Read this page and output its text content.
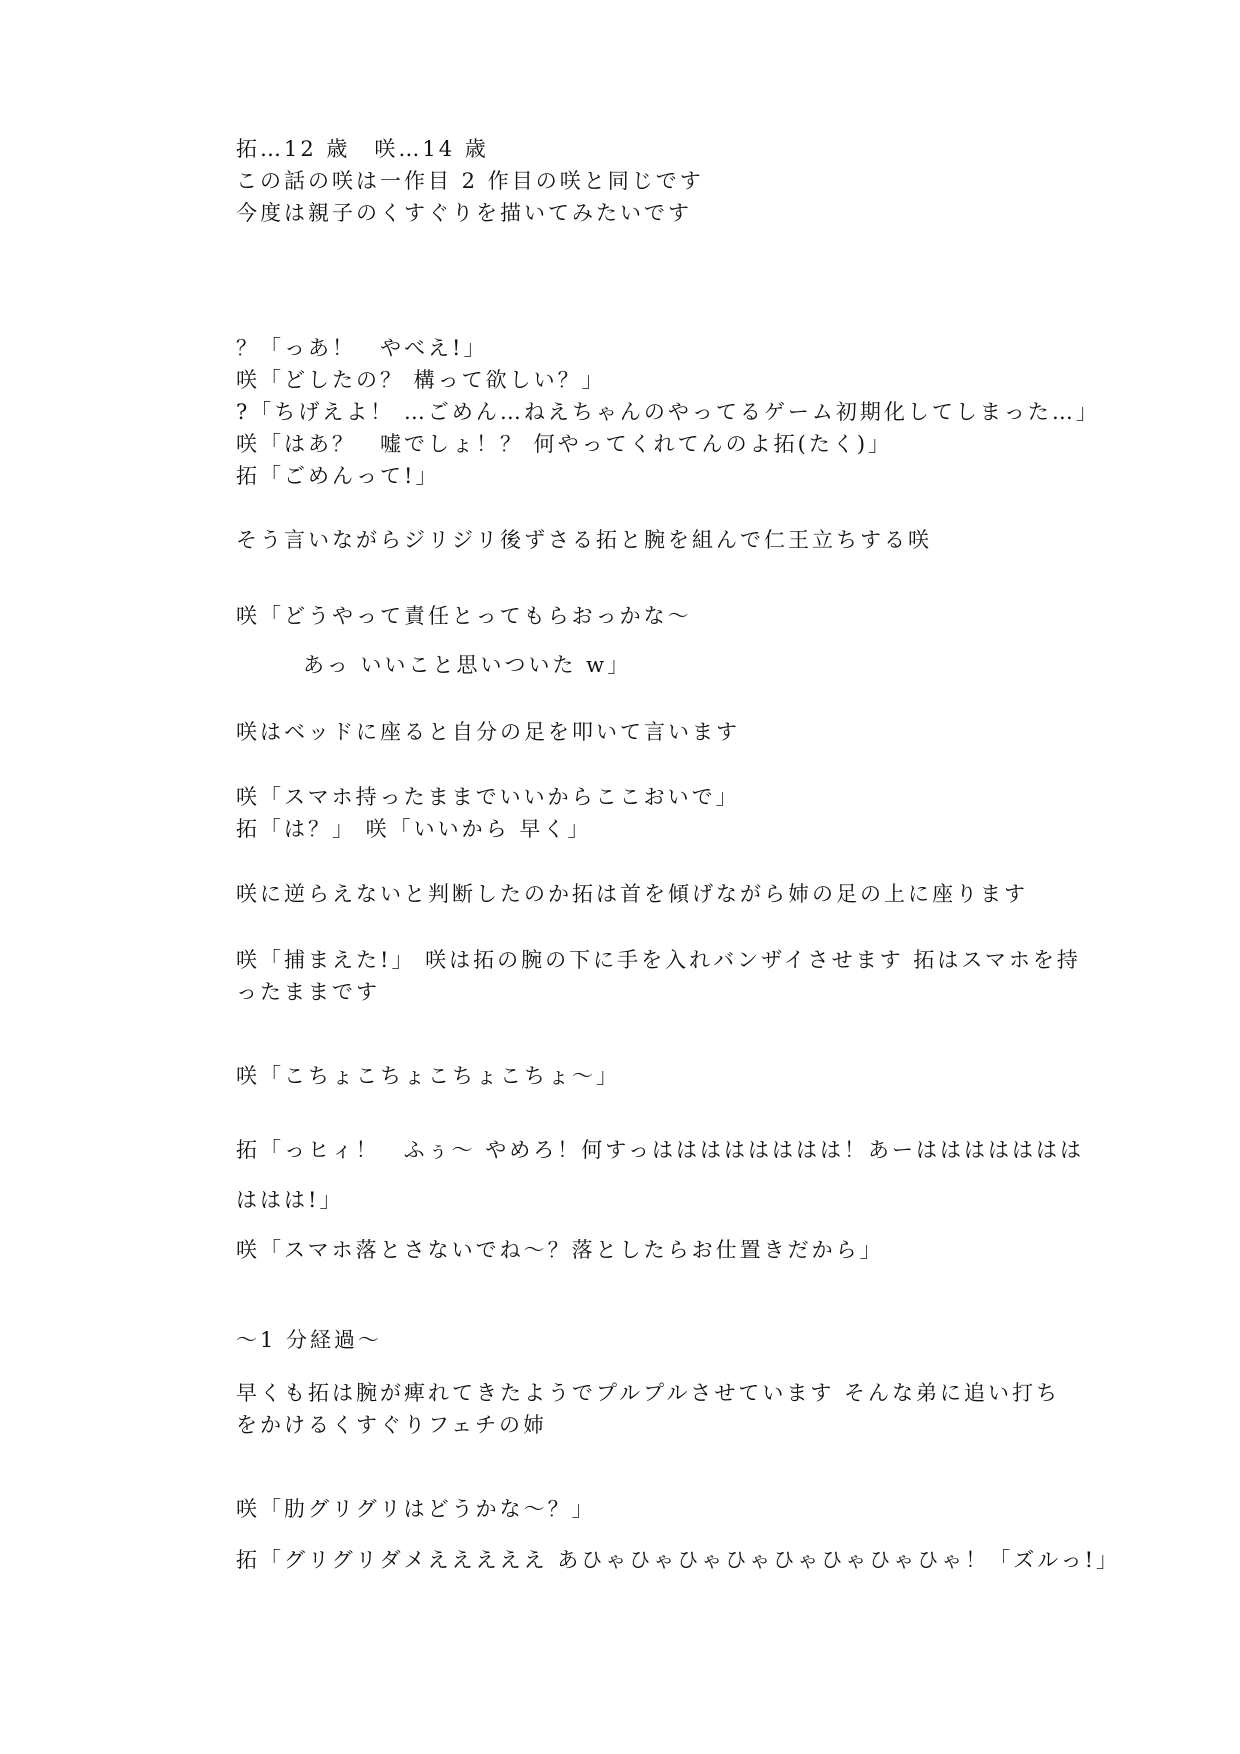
拓…12 歳　咲…14 歳
この話の咲は一作目 2 作目の咲と同じです
今度は親子のくすぐりを描いてみたいです
？「っあ！　やべえ!」
咲「どしたの？ 構って欲しい？」
?「ちげえよ！ …ごめん…ねえちゃんのやってるゲーム初期化してしまった…」
咲「はあ？　嘘でしょ！？ 何やってくれてんのよ拓(たく)」
拓「ごめんって!」
そう言いながらジリジリ後ずさる拓と腕を組んで仁王立ちする咲
咲「どうやって責任とってもらおっかな〜
あっ いいこと思いついた w」
咲はベッドに座ると自分の足を叩いて言います
咲「スマホ持ったままでいいからここおいで」
拓「は？」 咲「いいから 早く」
咲に逆らえないと判断したのか拓は首を傾げながら姉の足の上に座ります
咲「捕まえた!」 咲は拓の腕の下に手を入れバンザイさせます 拓はスマホを持
ったままです
咲「こちょこちょこちょこちょ〜」
拓「っヒィ！　ふぅ〜 やめろ！何すっはははははははは！あーははははははは
ははは!」
咲「スマホ落とさないでね〜？落としたらお仕置きだから」
〜1 分経過〜
早くも拓は腕が痺れてきたようでプルプルさせています そんな弟に追い打ち
をかけるくすぐりフェチの姉
咲「肋グリグリはどうかな〜？」
拓「グリグリダメえええええ あひゃひゃひゃひゃひゃひゃひゃひゃ！「ズルっ!」
